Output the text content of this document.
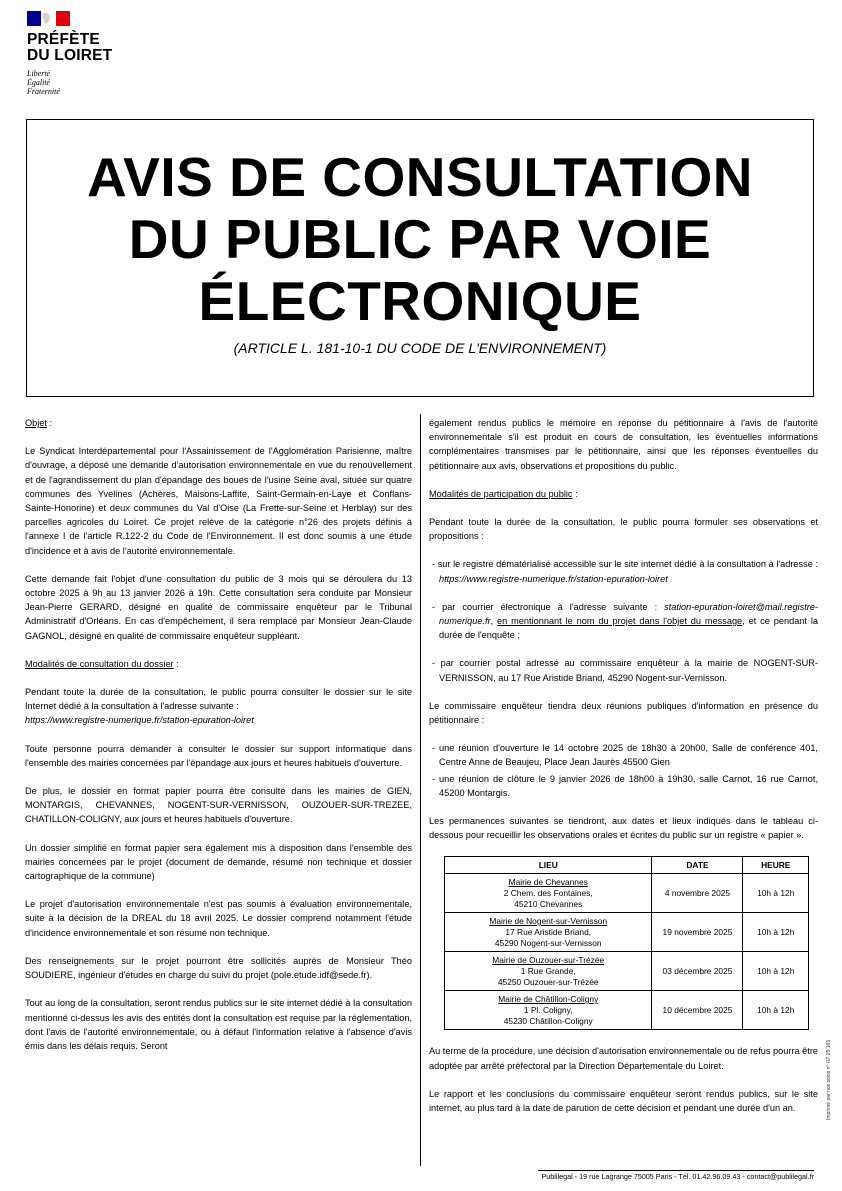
PRÉFÈTE
DU LOIRET
Liberté
Égalité
Fraternité
AVIS DE CONSULTATION
DU PUBLIC PAR VOIE
ÉLECTRONIQUE
(ARTICLE L. 181-10-1 DU CODE DE L'ENVIRONNEMENT)

Objet :

Le Syndicat Interdépartemental pour l'Assainissement de l'Agglomération Parisienne, maître d'ouvrage, a déposé une demande d'autorisation environnementale en vue du renouvellement et de l'agrandissement du plan d'épandage des boues de l'usine Seine aval, située sur quatre communes des Yvelines (Achères, Maisons-Laffite, Saint-Germain-en-Laye et Conflans-Sainte-Honorine) et deux communes du Val d'Oise (La Frette-sur-Seine et Herblay) sur des parcelles agricoles du Loiret. Ce projet relève de la catégorie n°26 des projets définis à l'annexe I de l'article R.122-2 du Code de l'Environnement. Il est donc soumis à une étude d'incidence et à avis de l'autorité environnementale.

Cette demande fait l'objet d'une consultation du public de 3 mois qui se déroulera du 13 octobre 2025 à 9h au 13 janvier 2026 à 19h. Cette consultation sera conduite par Monsieur Jean-Pierre GERARD, désigné en qualité de commissaire enquêteur par le Tribunal Administratif d'Orléans. En cas d'empêchement, il sera remplacé par Monsieur Jean-Claude GAGNOL, désigné en qualité de commissaire enquêteur suppléant.

Modalités de consultation du dossier :

Pendant toute la durée de la consultation, le public pourra consulter le dossier sur le site Internet dédié à la consultation à l'adresse suivante :
https://www.registre-numerique.fr/station-epuration-loiret

Toute personne pourra demander à consulter le dossier sur support informatique dans l'ensemble des mairies concernées par l'épandage aux jours et heures habituels d'ouverture.

De plus, le dossier en format papier pourra être consulté dans les mairies de GIEN, MONTARGIS, CHEVANNES, NOGENT-SUR-VERNISSON, OUZOUER-SUR-TREZEE, CHATILLON-COLIGNY, aux jours et heures habituels d'ouverture.

Un dossier simplifié en format papier sera également mis à disposition dans l'ensemble des mairies concernées par le projet (document de demande, résumé non technique et dossier cartographique de la commune)

Le projet d'autorisation environnementale n'est pas soumis à évaluation environnementale, suite à la décision de la DREAL du 18 avril 2025. Le dossier comprend notamment l'étude d'incidence environnementale et son résumé non technique.

Des renseignements sur le projet pourront être sollicités auprès de Monsieur Théo SOUDIERE, ingénieur d'études en charge du suivi du projet (pole.etude.idf@sede.fr).

Tout au long de la consultation, seront rendus publics sur le site internet dédié à la consultation mentionné ci-dessus les avis des entités dont la consultation est requise par la réglementation, dont l'avis de l'autorité environnementale, ou à défaut l'information relative à l'absence d'avis émis dans les délais requis. Seront

également rendus publics le mémoire en réponse du pétitionnaire à l'avis de l'autorité environnementale s'il est produit en cours de consultation, les éventuelles informations complémentaires transmises par le pétitionnaire, ainsi que les réponses éventuelles du pétitionnaire aux avis, observations et propositions du public.

Modalités de participation du public :

Pendant toute la durée de la consultation, le public pourra formuler ses observations et propositions :

- sur le registre dématérialisé accessible sur le site internet dédié à la consultation à l'adresse : https://www.registre-numerique.fr/station-epuration-loiret

- par courrier électronique à l'adresse suivante : station-epuration-loiret@mail.registre-numerique.fr, en mentionnant le nom du projet dans l'objet du message, et ce pendant la durée de l'enquête ;

- par courrier postal adressé au commissaire enquêteur à la mairie de NOGENT-SUR-VERNISSON, au 17 Rue Aristide Briand, 45290 Nogent-sur-Vernisson.

Le commissaire enquêteur tiendra deux réunions publiques d'information en présence du pétitionnaire :

- une réunion d'ouverture le 14 octobre 2025 de 18h30 à 20h00, Salle de conférence 401, Centre Anne de Beaujeu, Place Jean Jaurès 45500 Gien

- une réunion de clôture le 9 janvier 2026 de 18h00 à 19h30, salle Carnot, 16 rue Carnot, 45200 Montargis.

Les permanences suivantes se tiendront, aux dates et lieux indiqués dans le tableau ci-dessous pour recueillir les observations orales et écrites du public sur un registre « papier ».

LIEU	DATE	HEURE

Mairie de Chevannes
2 Chem. des Fontaines,
45210 Chevannes	4 novembre 2025	10h à 12h

Mairie de Nogent-sur-Vernisson
17 Rue Aristide Briand,
45290 Nogent-sur-Vernisson	19 novembre 2025	10h à 12h

Mairie de Ouzouer-sur-Trézée
1 Rue Grande,
45250 Ouzouer-sur-Trézée	03 décembre 2025	10h à 12h

Mairie de Châtillon-Coligny
1 Pl. Coligny,
45230 Châtillon-Coligny	10 décembre 2025	10h à 12h

Au terme de la procédure, une décision d'autorisation environnementale ou de refus pourra être adoptée par arrêté préfectoral par la Direction Départementale du Loiret.

Le rapport et les conclusions du commissaire enquêteur seront rendus publics, sur le site internet, au plus tard à la date de parution de cette décision et pendant une durée d'un an.

Publilegal - 19 rue Lagrange 75005 Paris - Tél. 01.42.96.09.43 - contact@publilegal.fr
Imprimé par nos soins n° G7.25.165
